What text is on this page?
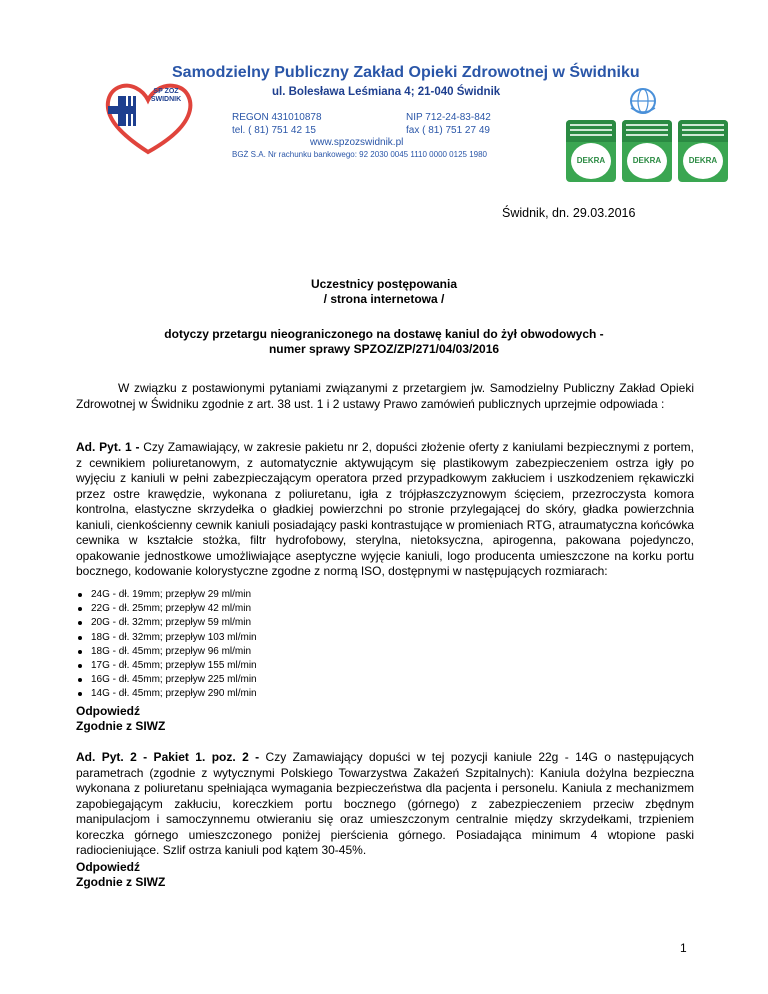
SP ZOZ
ŚWIDNIK
Samodzielny Publiczny Zakład Opieki Zdrowotnej w Świdniku
ul. Bolesława Leśmiana 4; 21-040 Świdnik
REGON 431010878	NIP 712-24-83-842
tel. ( 81) 751 42 15	fax ( 81) 751 27 49
www.spzozswidnik.pl
BGŻ S.A. Nr rachunku bankowego: 92 2030 0045 1110 0000 0125 1980
DEKRA	DEKRA	DEKRA
Świdnik, dn. 29.03.2016
Uczestnicy postępowania
/ strona internetowa /
dotyczy przetargu nieograniczonego na dostawę kaniul do żył obwodowych -
numer sprawy SPZOZ/ZP/271/04/03/2016
W związku z postawionymi pytaniami związanymi z przetargiem jw. Samodzielny Publiczny Zakład Opieki Zdrowotnej w Świdniku zgodnie z art. 38 ust. 1 i 2 ustawy Prawo zamówień publicznych uprzejmie odpowiada :
Ad. Pyt. 1 - Czy Zamawiający, w zakresie pakietu nr 2, dopuści złożenie oferty z kaniulami bezpiecznymi z portem, z cewnikiem poliuretanowym, z automatycznie aktywującym się plastikowym zabezpieczeniem ostrza igły po wyjęciu z kaniuli w pełni zabezpieczającym operatora przed przypadkowym zakłuciem i uszkodzeniem rękawiczki przez ostre krawędzie, wykonana z poliuretanu, igła z trójpłaszczyznowym ścięciem, przezroczysta komora kontrolna, elastyczne skrzydełka o gładkiej powierzchni po stronie przylegającej do skóry, gładka powierzchnia kaniuli, cienkościenny cewnik kaniuli posiadający paski kontrastujące w promieniach RTG, atraumatyczna końcówka cewnika w kształcie stożka, filtr hydrofobowy, sterylna, nietoksyczna, apirogenna, pakowana pojedynczo, opakowanie jednostkowe umożliwiające aseptyczne wyjęcie kaniuli, logo producenta umieszczone na korku portu bocznego, kodowanie kolorystyczne zgodne z normą ISO, dostępnymi w następujących rozmiarach:
24G - dł. 19mm; przepływ 29 ml/min
22G - dł. 25mm; przepływ 42 ml/min
20G - dł. 32mm; przepływ 59 ml/min
18G - dł. 32mm; przepływ 103 ml/min
18G - dł. 45mm; przepływ 96 ml/min
17G - dł. 45mm; przepływ 155 ml/min
16G - dł. 45mm; przepływ 225 ml/min
14G - dł. 45mm; przepływ 290 ml/min
Odpowiedź
Zgodnie z SIWZ
Ad. Pyt. 2 - Pakiet 1. poz. 2 - Czy Zamawiający dopuści w tej pozycji kaniule 22g - 14G o następujących parametrach (zgodnie z wytycznymi Polskiego Towarzystwa Zakażeń Szpitalnych): Kaniula dożylna bezpieczna wykonana z poliuretanu spełniająca wymagania bezpieczeństwa dla pacjenta i personelu. Kaniula z mechanizmem zapobiegającym zakłuciu, koreczkiem portu bocznego (górnego) z zabezpieczeniem przeciw zbędnym manipulacjom i samoczynnemu otwieraniu się oraz umieszczonym centralnie między skrzydełkami, trzpieniem koreczka górnego umieszczonego poniżej pierścienia górnego. Posiadająca minimum 4 wtopione paski radiocieniujące. Szlif ostrza kaniuli pod kątem 30-45%.
Odpowiedź
Zgodnie z SIWZ
1
